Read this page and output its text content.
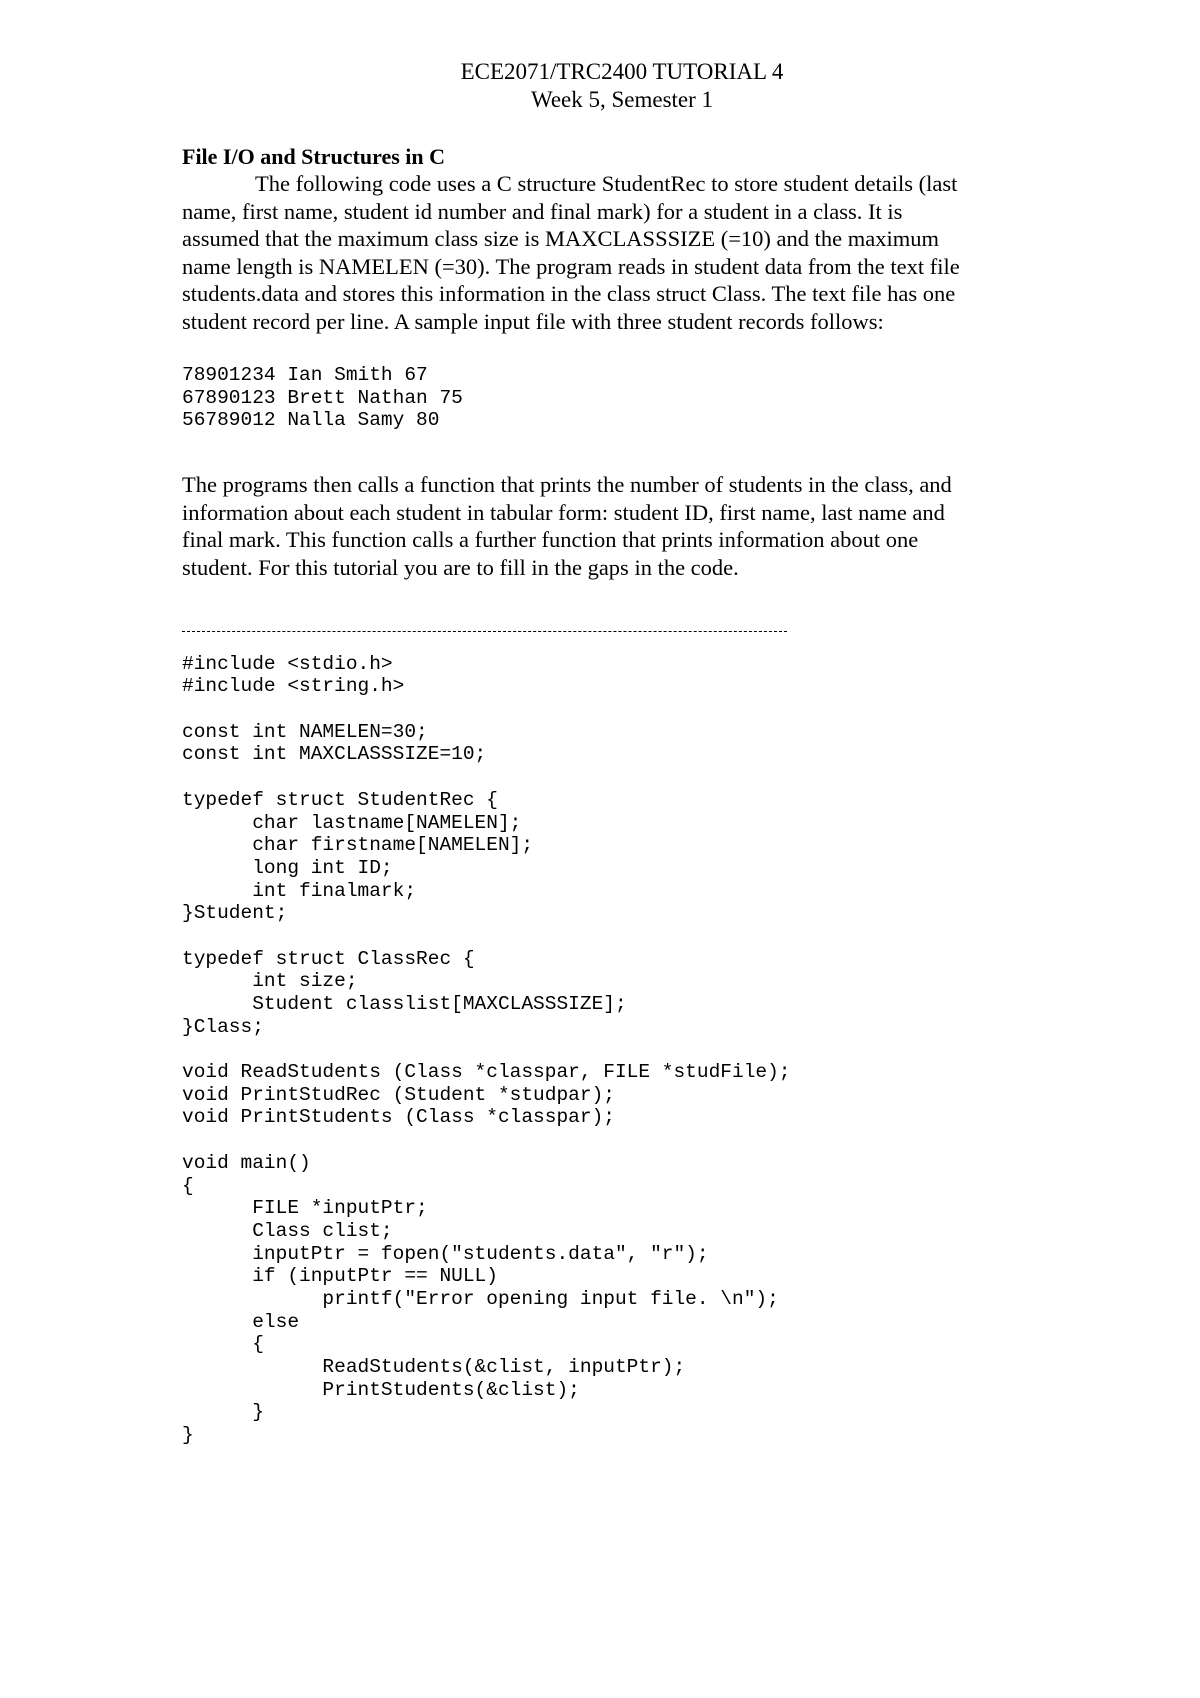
ECE2071/TRC2400 TUTORIAL 4
Week 5, Semester 1
File I/O and Structures in C
The following code uses a C structure StudentRec to store student details (last
name, first name, student id number and final mark) for a student in a class. It is
assumed that the maximum class size is MAXCLASSSIZE (=10) and the maximum
name length is NAMELEN (=30). The program reads in student data from the text file
students.data and stores this information in the class struct Class. The text file has one
student record per line. A sample input file with three student records follows:
78901234 Ian Smith 67
67890123 Brett Nathan 75
56789012 Nalla Samy 80
The programs then calls a function that prints the number of students in the class, and
information about each student in tabular form: student ID, first name, last name and
final mark. This function calls a further function that prints information about one
student. For this tutorial you are to fill in the gaps in the code.
#include <stdio.h>
#include <string.h>
const int NAMELEN=30;
const int MAXCLASSSIZE=10;
typedef struct StudentRec {
char lastname[NAMELEN];
char firstname[NAMELEN];
long int ID;
int finalmark;
}Student;
typedef struct ClassRec {
int size;
Student classlist[MAXCLASSSIZE];
}Class;
void ReadStudents (Class *classpar, FILE *studFile);
void PrintStudRec (Student *studpar);
void PrintStudents (Class *classpar);
void main()
{
FILE *inputPtr;
Class clist;
inputPtr = fopen("students.data", "r");
if (inputPtr == NULL)
printf("Error opening input file. \n");
else
{
ReadStudents(&clist, inputPtr);
PrintStudents(&clist);
}
}
